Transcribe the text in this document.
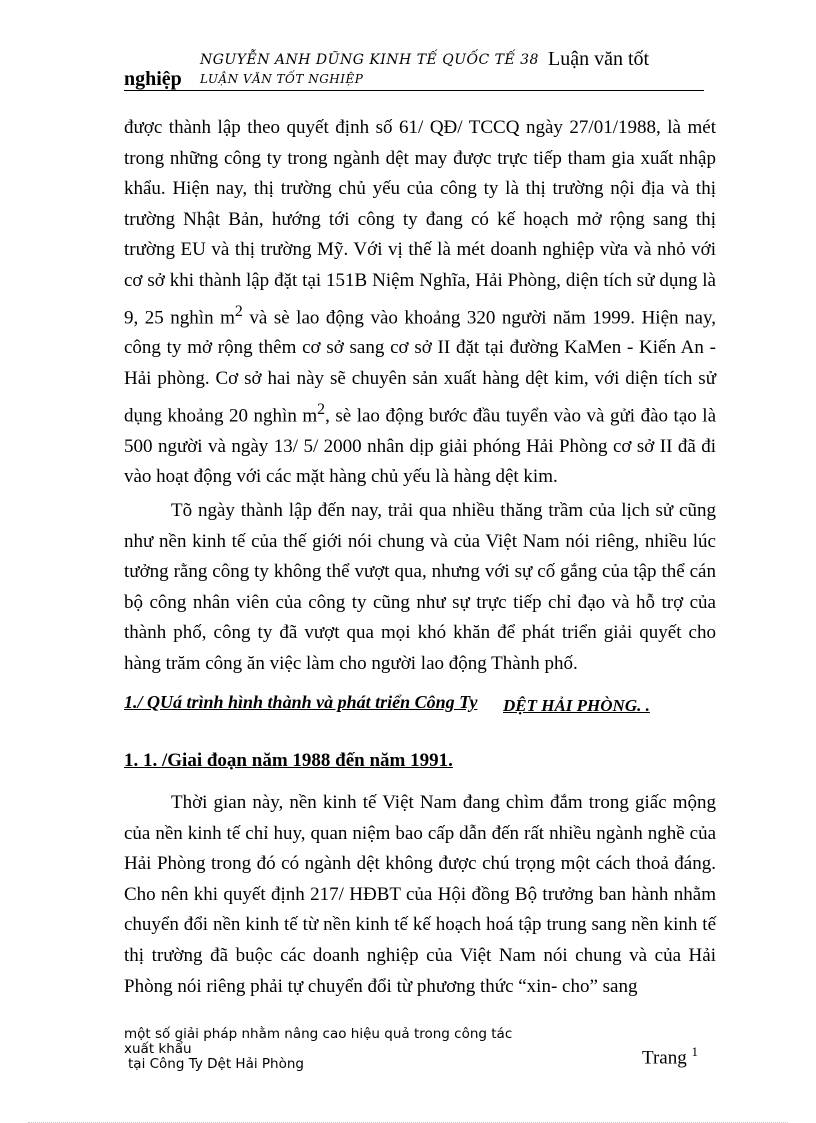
NGUYỄN ANH DŨNG KINH TẾ QUỐC TẾ 38
LUẬN VĂN TỐT NGHIỆP
Luận văn tốt
nghiệp

được thành lập theo quyết định số 61/ QĐ/ TCCQ ngày 27/01/1988, là mét trong những công ty trong ngành dệt may được trực tiếp tham gia xuất nhập khẩu. Hiện nay, thị trường chủ yếu của công ty là thị trường nội địa và thị trường Nhật Bản, hướng tới công ty đang có kế hoạch mở rộng sang thị trường EU và thị trường Mỹ. Với vị thế là mét doanh nghiệp vừa và nhỏ với cơ sở khi thành lập đặt tại 151B Niệm Nghĩa, Hải Phòng, diện tích sử dụng là 9, 25 nghìn $m^2$ và sè lao động vào khoảng 320 người năm 1999. Hiện nay, công ty mở rộng thêm cơ sở sang cơ sở II đặt tại đường KaMen - Kiến An - Hải phòng. Cơ sở hai này sẽ chuyên sản xuất hàng dệt kim, với diện tích sử dụng khoảng 20 nghìn $m^2$, sè lao động bước đầu tuyển vào và gửi đào tạo là 500 người và ngày 13/ 5/ 2000 nhân dịp giải phóng Hải Phòng cơ sở II đã đi vào hoạt động với các mặt hàng chủ yếu là hàng dệt kim.

Tõ ngày thành lập đến nay, trải qua nhiều thăng trầm của lịch sử cũng như nền kinh tế của thế giới nói chung và của Việt Nam nói riêng, nhiều lúc tưởng rằng công ty không thể vượt qua, nhưng với sự cố gắng của tập thể cán bộ công nhân viên của công ty cũng như sự trực tiếp chỉ đạo và hỗ trợ của thành phố, công ty đã vượt qua mọi khó khăn để phát triển giải quyết cho hàng trăm công ăn việc làm cho người lao động Thành phố.

1./ QUá trình hình thành và phát triển Công Ty DỆT HẢI PHÒNG. .
1. 1. /Giai đoạn năm 1988 đến năm 1991.

Thời gian này, nền kinh tế Việt Nam đang chìm đắm trong giấc mộng của nền kinh tế chỉ huy, quan niệm bao cấp dẫn đến rất nhiều ngành nghề của Hải Phòng trong đó có ngành dệt không được chú trọng một cách thoả đáng. Cho nên khi quyết định 217/ HĐBT của Hội đồng Bộ trưởng ban hành nhằm chuyển đổi nền kinh tế từ nền kinh tế kế hoạch hoá tập trung sang nền kinh tế thị trường đã buộc các doanh nghiệp của Việt Nam nói chung và của Hải Phòng nói riêng phải tự chuyển đổi từ phương thức “xin- cho” sang

một số giải pháp nhằm nâng cao hiệu quả trong công tác
xuất khẩu
tại Công Ty Dệt Hải Phòng	Trang $^1$
